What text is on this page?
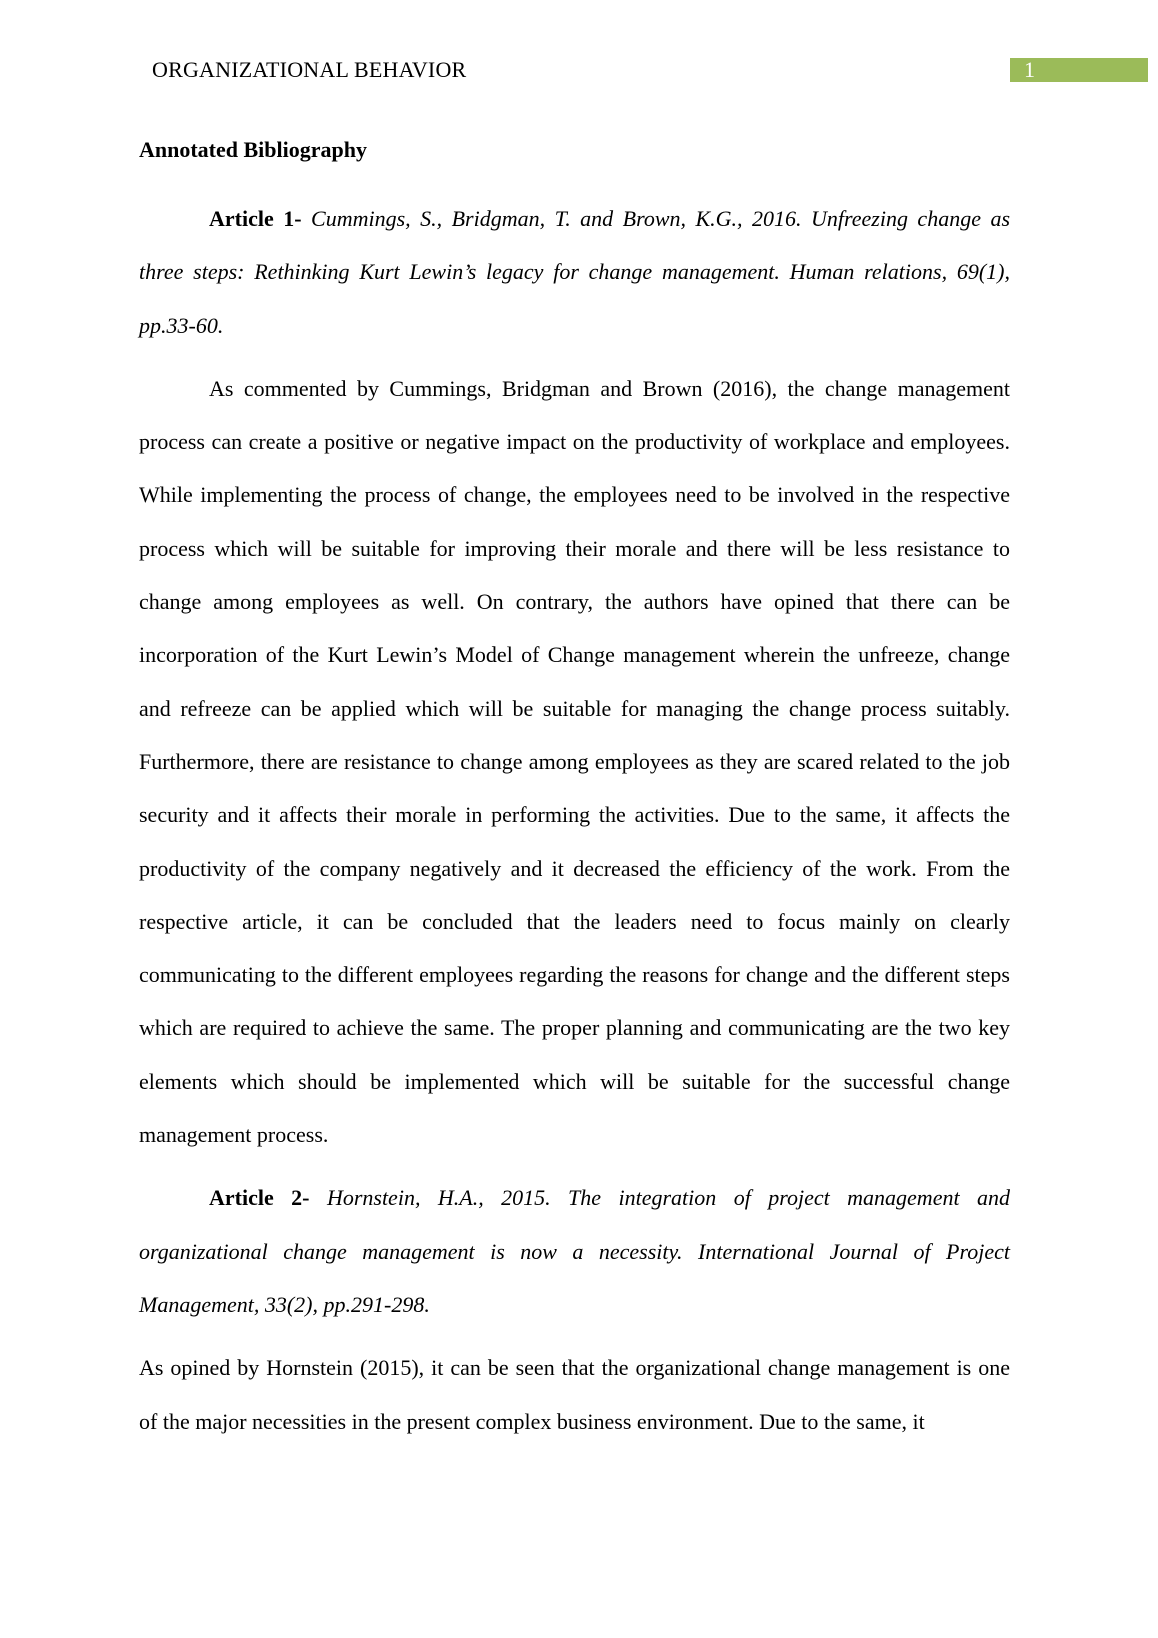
ORGANIZATIONAL BEHAVIOR	1

Annotated Bibliography

Article 1- Cummings, S., Bridgman, T. and Brown, K.G., 2016. Unfreezing change as three steps: Rethinking Kurt Lewin’s legacy for change management. Human relations, 69(1), pp.33-60.

As commented by Cummings, Bridgman and Brown (2016), the change management process can create a positive or negative impact on the productivity of workplace and employees. While implementing the process of change, the employees need to be involved in the respective process which will be suitable for improving their morale and there will be less resistance to change among employees as well. On contrary, the authors have opined that there can be incorporation of the Kurt Lewin’s Model of Change management wherein the unfreeze, change and refreeze can be applied which will be suitable for managing the change process suitably. Furthermore, there are resistance to change among employees as they are scared related to the job security and it affects their morale in performing the activities. Due to the same, it affects the productivity of the company negatively and it decreased the efficiency of the work. From the respective article, it can be concluded that the leaders need to focus mainly on clearly communicating to the different employees regarding the reasons for change and the different steps which are required to achieve the same. The proper planning and communicating are the two key elements which should be implemented which will be suitable for the successful change management process.

Article 2- Hornstein, H.A., 2015. The integration of project management and organizational change management is now a necessity. International Journal of Project Management, 33(2), pp.291-298.

As opined by Hornstein (2015), it can be seen that the organizational change management is one of the major necessities in the present complex business environment. Due to the same, it
